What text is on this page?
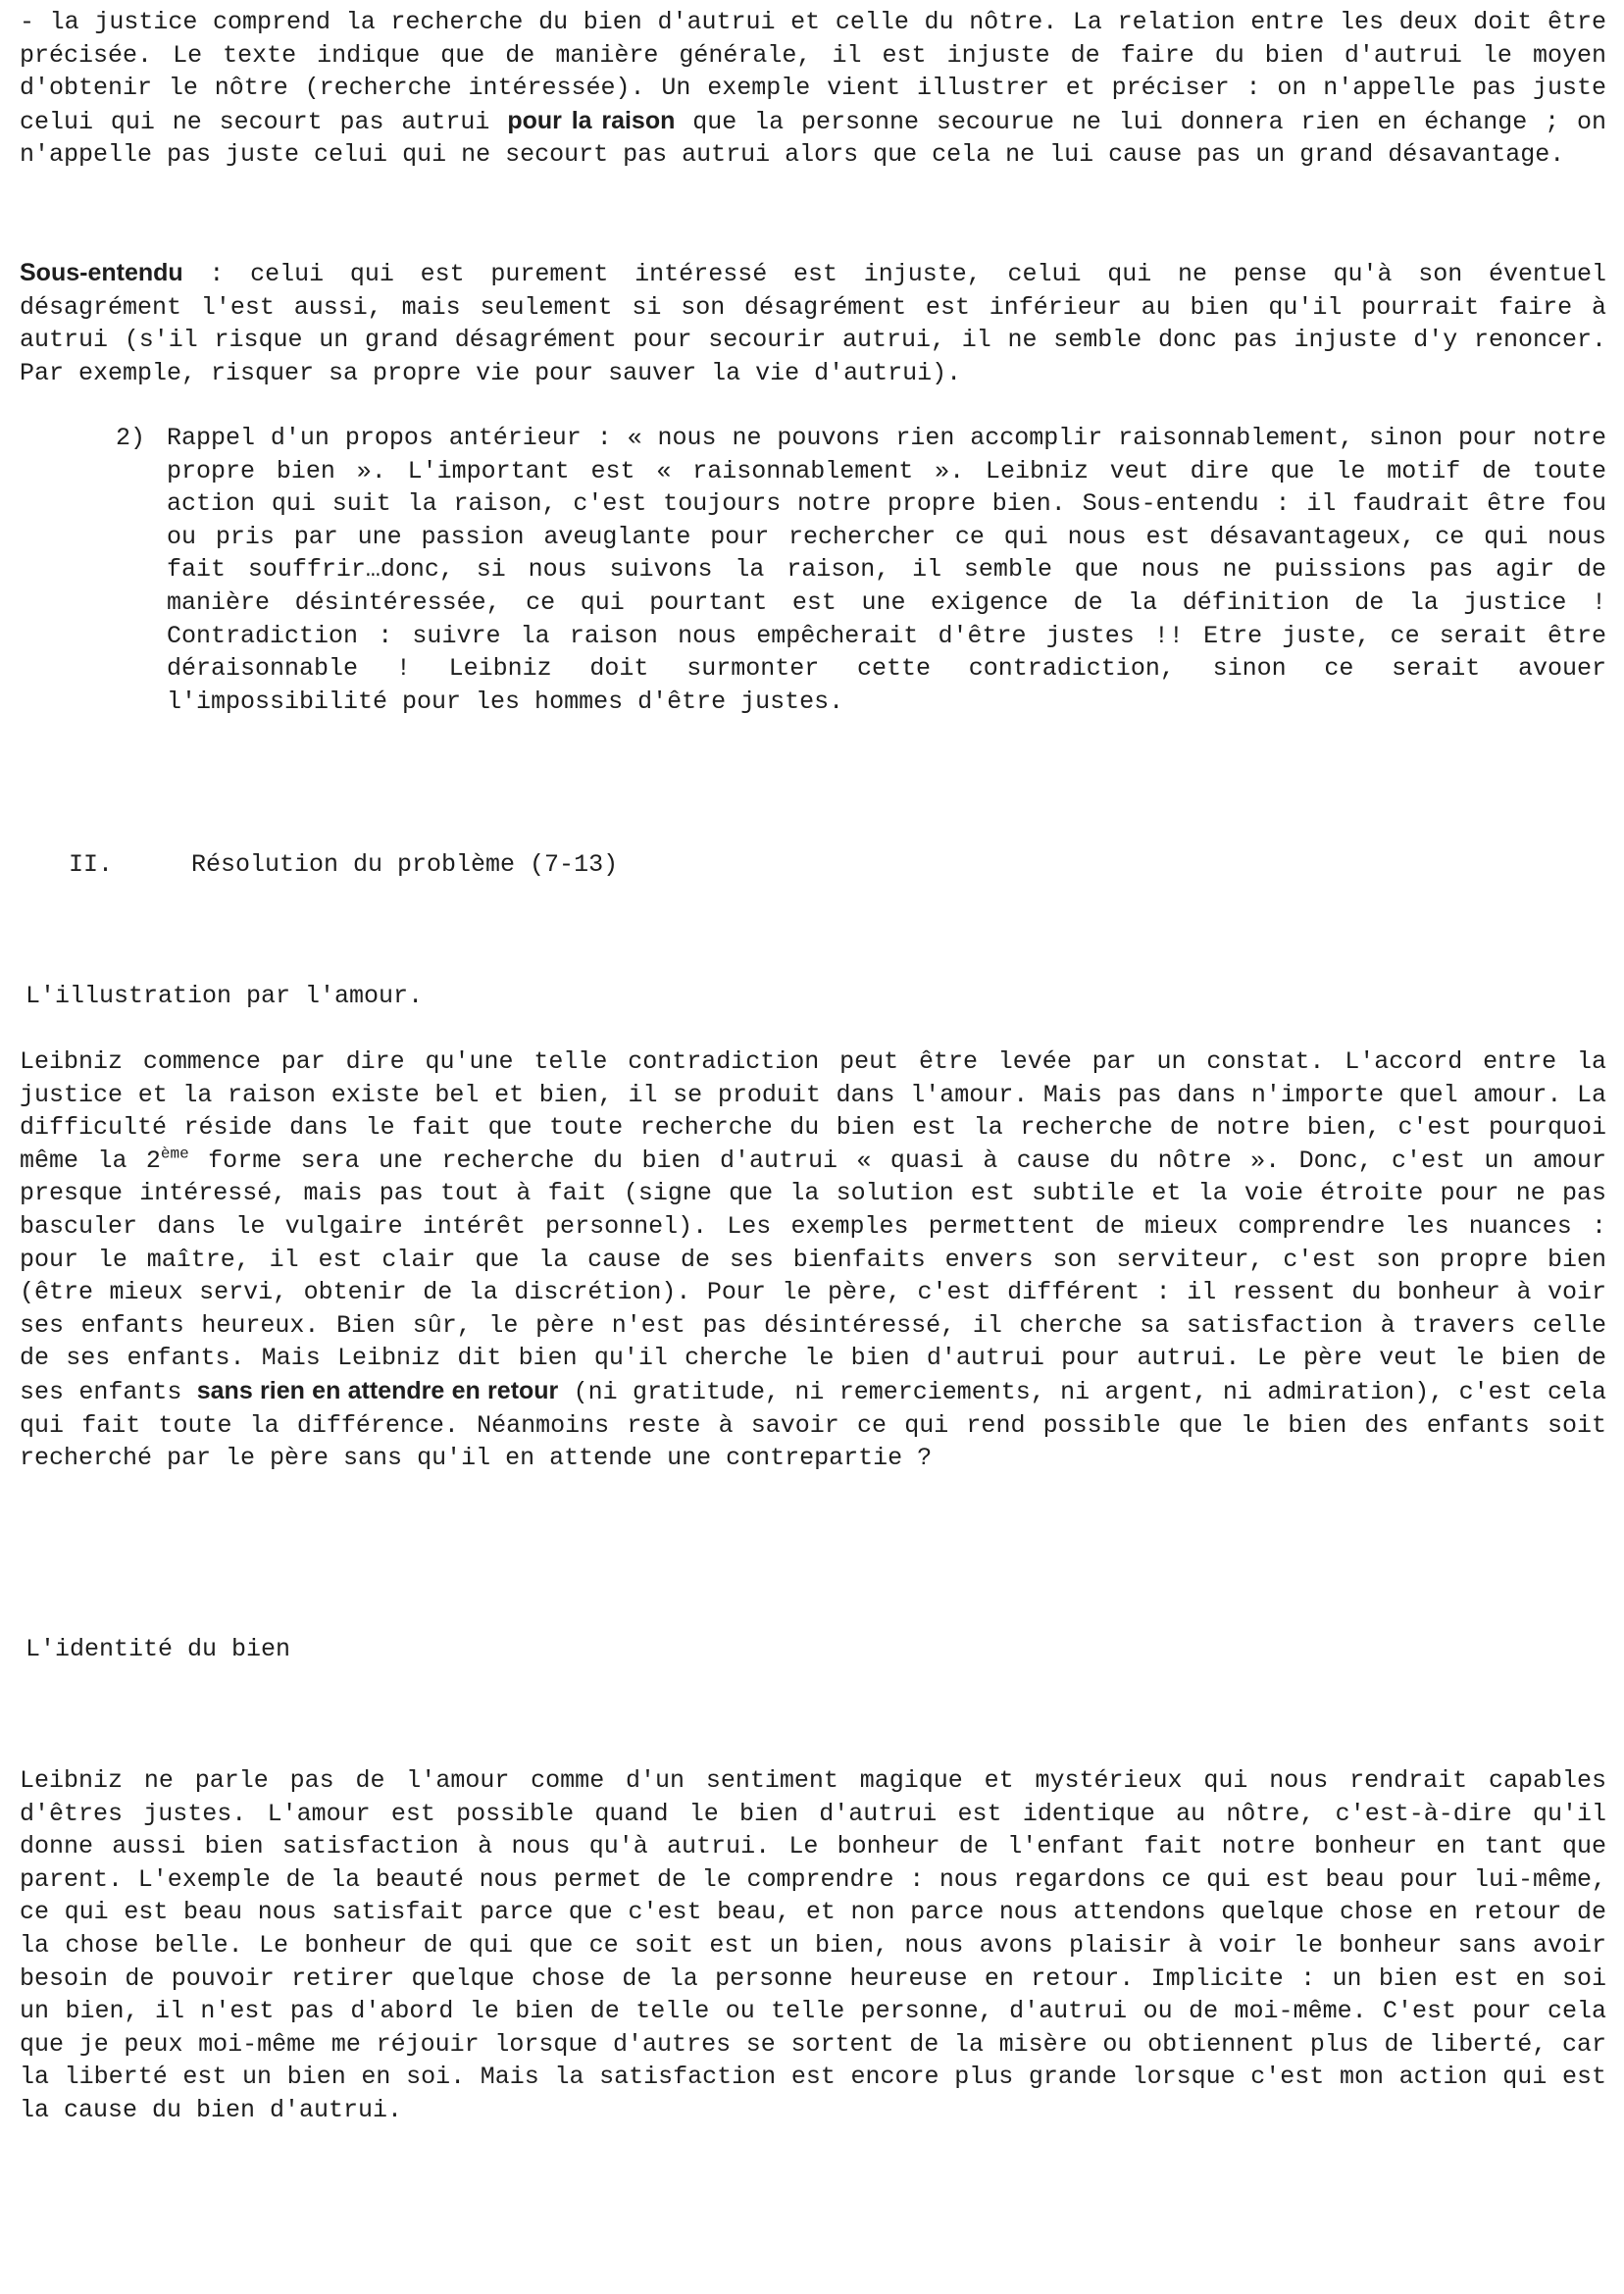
- la justice comprend la recherche du bien d'autrui et celle du nôtre. La relation entre les deux doit être précisée. Le texte indique que de manière générale, il est injuste de faire du bien d'autrui le moyen d'obtenir le nôtre (recherche intéressée). Un exemple vient illustrer et préciser : on n'appelle pas juste celui qui ne secourt pas autrui pour la raison que la personne secourue ne lui donnera rien en échange ; on n'appelle pas juste celui qui ne secourt pas autrui alors que cela ne lui cause pas un grand désavantage.

Sous-entendu : celui qui est purement intéressé est injuste, celui qui ne pense qu'à son éventuel désagrément l'est aussi, mais seulement si son désagrément est inférieur au bien qu'il pourrait faire à autrui (s'il risque un grand désagrément pour secourir autrui, il ne semble donc pas injuste d'y renoncer. Par exemple, risquer sa propre vie pour sauver la vie d'autrui).

2) Rappel d'un propos antérieur : « nous ne pouvons rien accomplir raisonnablement, sinon pour notre propre bien ». L'important est « raisonnablement ». Leibniz veut dire que le motif de toute action qui suit la raison, c'est toujours notre propre bien. Sous-entendu : il faudrait être fou ou pris par une passion aveuglante pour rechercher ce qui nous est désavantageux, ce qui nous fait souffrir…donc, si nous suivons la raison, il semble que nous ne puissions pas agir de manière désintéressée, ce qui pourtant est une exigence de la définition de la justice ! Contradiction : suivre la raison nous empêcherait d'être justes !! Etre juste, ce serait être déraisonnable ! Leibniz doit surmonter cette contradiction, sinon ce serait avouer l'impossibilité pour les hommes d'être justes.

II.	Résolution du problème (7-13)

L'illustration par l'amour.

Leibniz commence par dire qu'une telle contradiction peut être levée par un constat. L'accord entre la justice et la raison existe bel et bien, il se produit dans l'amour. Mais pas dans n'importe quel amour. La difficulté réside dans le fait que toute recherche du bien est la recherche de notre bien, c'est pourquoi même la 2ème forme sera une recherche du bien d'autrui « quasi à cause du nôtre ». Donc, c'est un amour presque intéressé, mais pas tout à fait (signe que la solution est subtile et la voie étroite pour ne pas basculer dans le vulgaire intérêt personnel). Les exemples permettent de mieux comprendre les nuances : pour le maître, il est clair que la cause de ses bienfaits envers son serviteur, c'est son propre bien (être mieux servi, obtenir de la discrétion). Pour le père, c'est différent : il ressent du bonheur à voir ses enfants heureux. Bien sûr, le père n'est pas désintéressé, il cherche sa satisfaction à travers celle de ses enfants. Mais Leibniz dit bien qu'il cherche le bien d'autrui pour autrui. Le père veut le bien de ses enfants sans rien en attendre en retour (ni gratitude, ni remerciements, ni argent, ni admiration), c'est cela qui fait toute la différence. Néanmoins reste à savoir ce qui rend possible que le bien des enfants soit recherché par le père sans qu'il en attende une contrepartie ?

L'identité du bien

Leibniz ne parle pas de l'amour comme d'un sentiment magique et mystérieux qui nous rendrait capables d'êtres justes. L'amour est possible quand le bien d'autrui est identique au nôtre, c'est-à-dire qu'il donne aussi bien satisfaction à nous qu'à autrui. Le bonheur de l'enfant fait notre bonheur en tant que parent. L'exemple de la beauté nous permet de le comprendre : nous regardons ce qui est beau pour lui-même, ce qui est beau nous satisfait parce que c'est beau, et non parce nous attendons quelque chose en retour de la chose belle. Le bonheur de qui que ce soit est un bien, nous avons plaisir à voir le bonheur sans avoir besoin de pouvoir retirer quelque chose de la personne heureuse en retour. Implicite : un bien est en soi un bien, il n'est pas d'abord le bien de telle ou telle personne, d'autrui ou de moi-même. C'est pour cela que je peux moi-même me réjouir lorsque d'autres se sortent de la misère ou obtiennent plus de liberté, car la liberté est un bien en soi. Mais la satisfaction est encore plus grande lorsque c'est mon action qui est la cause du bien d'autrui.
